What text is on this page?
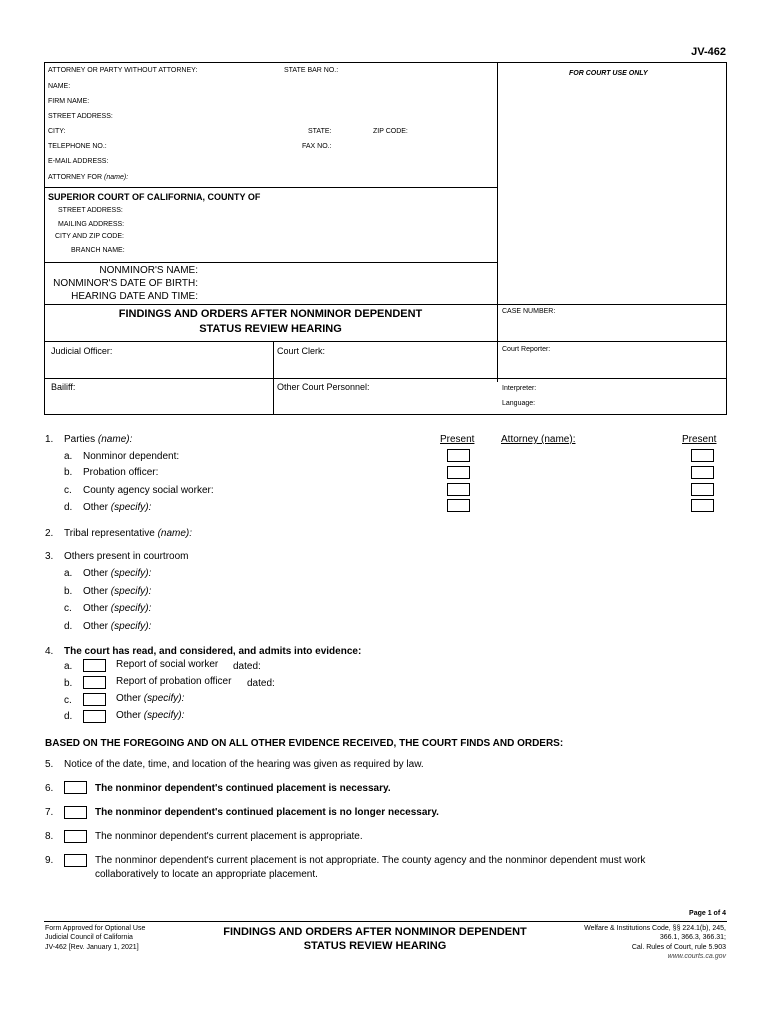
JV-462
ATTORNEY OR PARTY WITHOUT ATTORNEY:	STATE BAR NO.:	FOR COURT USE ONLY
NAME:
FIRM NAME:
STREET ADDRESS:
CITY:	STATE:	ZIP CODE:
TELEPHONE NO.:	FAX NO.:
E-MAIL ADDRESS:
ATTORNEY FOR (name):
SUPERIOR COURT OF CALIFORNIA, COUNTY OF
STREET ADDRESS:
MAILING ADDRESS:
CITY AND ZIP CODE:
BRANCH NAME:
NONMINOR'S NAME:
NONMINOR'S DATE OF BIRTH:
HEARING DATE AND TIME:
FINDINGS AND ORDERS AFTER NONMINOR DEPENDENT
STATUS REVIEW HEARING
CASE NUMBER:
Judicial Officer:	Court Clerk:	Court Reporter:
Bailiff:	Other Court Personnel:	Interpreter:
Language:
1. Parties (name):	Present	Attorney (name):	Present
a. Nonminor dependent:
b. Probation officer:
c. County agency social worker:
d. Other (specify):
2. Tribal representative (name):
3. Others present in courtroom
a. Other (specify):
b. Other (specify):
c. Other (specify):
d. Other (specify):
4. The court has read, and considered, and admits into evidence:
a.	Report of social worker dated:
b.	Report of probation officer dated:
c.	Other (specify):
d.	Other (specify):
BASED ON THE FOREGOING AND ON ALL OTHER EVIDENCE RECEIVED, THE COURT FINDS AND ORDERS:
5. Notice of the date, time, and location of the hearing was given as required by law.
6.	The nonminor dependent's continued placement is necessary.
7.	The nonminor dependent's continued placement is no longer necessary.
8.	The nonminor dependent's current placement is appropriate.
9.	The nonminor dependent's current placement is not appropriate. The county agency and the nonminor dependent must work
collaboratively to locate an appropriate placement.
Page 1 of 4
Form Approved for Optional Use
Judicial Council of California
JV-462 [Rev. January 1, 2021]
FINDINGS AND ORDERS AFTER NONMINOR DEPENDENT
STATUS REVIEW HEARING
Welfare & Institutions Code, §§ 224.1(b), 245,
366.1, 366.3, 366.31;
Cal. Rules of Court, rule 5.903
www.courts.ca.gov
